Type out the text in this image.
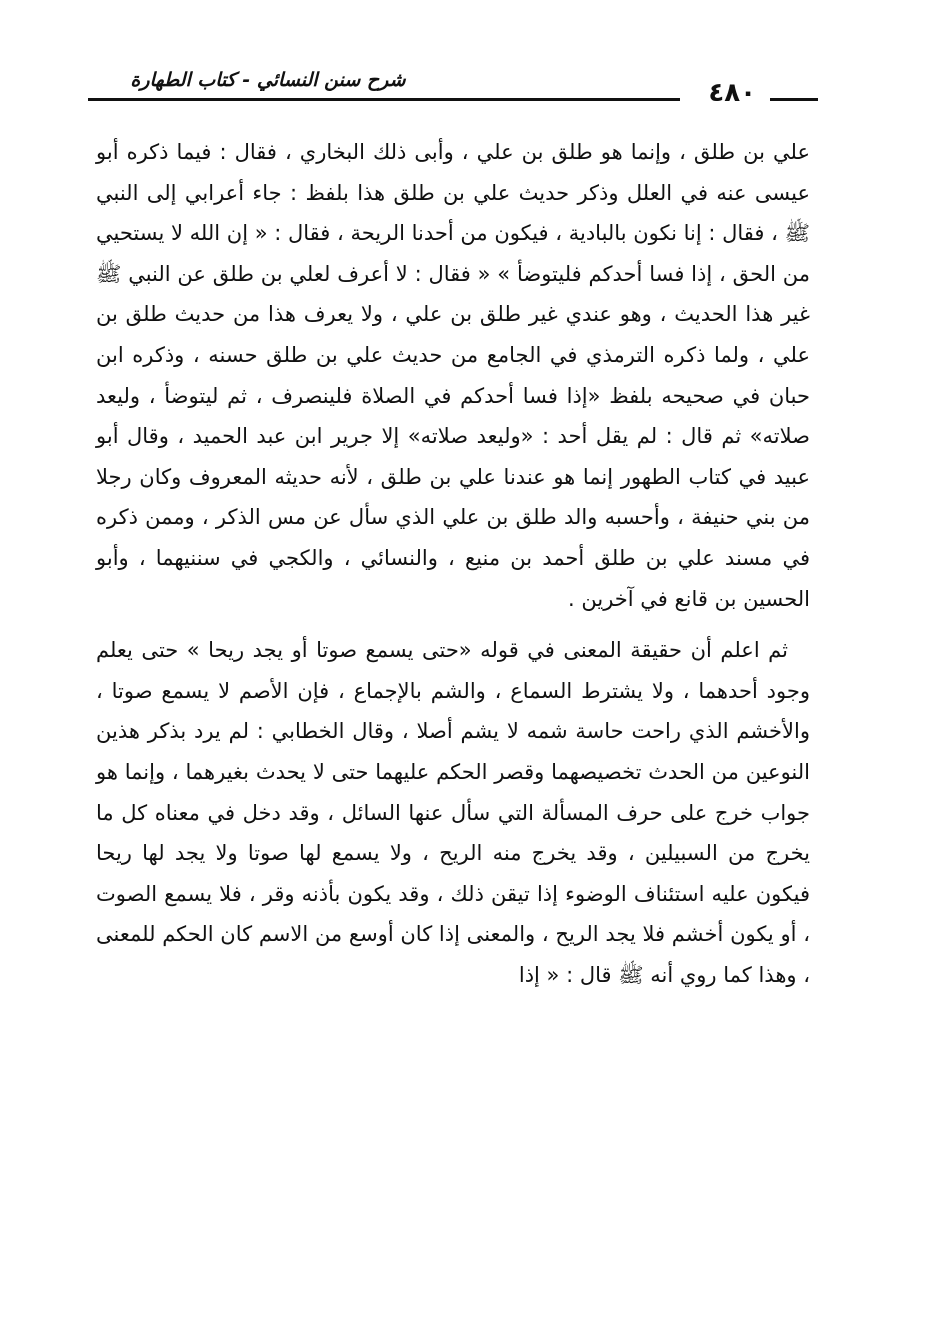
٤٨٠
شرح سنن النسائي - كتاب الطهارة

علي بن طلق ، وإنما هو طلق بن علي ، وأبى ذلك البخاري ، فقال : فيما ذكره أبو عيسى عنه في العلل وذكر حديث علي بن طلق هذا بلفظ : جاء أعرابي إلى النبي ﷺ ، فقال : إنا نكون بالبادية ، فيكون من أحدنا الريحة ، فقال : « إن الله لا يستحيي من الحق ، إذا فسا أحدكم فليتوضأ » « فقال : لا أعرف لعلي بن طلق عن النبي ﷺ غير هذا الحديث ، وهو عندي غير طلق بن علي ، ولا يعرف هذا من حديث طلق بن علي ، ولما ذكره الترمذي في الجامع من حديث علي بن طلق حسنه ، وذكره ابن حبان في صحيحه بلفظ «إذا فسا أحدكم في الصلاة فلينصرف ، ثم ليتوضأ ، وليعد صلاته» ثم قال : لم يقل أحد : «وليعد صلاته» إلا جرير ابن عبد الحميد ، وقال أبو عبيد في كتاب الطهور إنما هو عندنا علي بن طلق ، لأنه حديثه المعروف وكان رجلا من بني حنيفة ، وأحسبه والد طلق بن علي الذي سأل عن مس الذكر ، وممن ذكره في مسند علي بن طلق أحمد بن منيع ، والنسائي ، والكجي في سننيهما ، وأبو الحسين بن قانع في آخرين .

ثم اعلم أن حقيقة المعنى في قوله «حتى يسمع صوتا أو يجد ريحا » حتى يعلم وجود أحدهما ، ولا يشترط السماع ، والشم بالإجماع ، فإن الأصم لا يسمع صوتا ، والأخشم الذي راحت حاسة شمه لا يشم أصلا ، وقال الخطابي : لم يرد بذكر هذين النوعين من الحدث تخصيصهما وقصر الحكم عليهما حتى لا يحدث بغيرهما ، وإنما هو جواب خرج على حرف المسألة التي سأل عنها السائل ، وقد دخل في معناه كل ما يخرج من السبيلين ، وقد يخرج منه الريح ، ولا يسمع لها صوتا ولا يجد لها ريحا فيكون عليه استئناف الوضوء إذا تيقن ذلك ، وقد يكون بأذنه وقر ، فلا يسمع الصوت ، أو يكون أخشم فلا يجد الريح ، والمعنى إذا كان أوسع من الاسم كان الحكم للمعنى ، وهذا كما روي أنه ﷺ قال : « إذا
